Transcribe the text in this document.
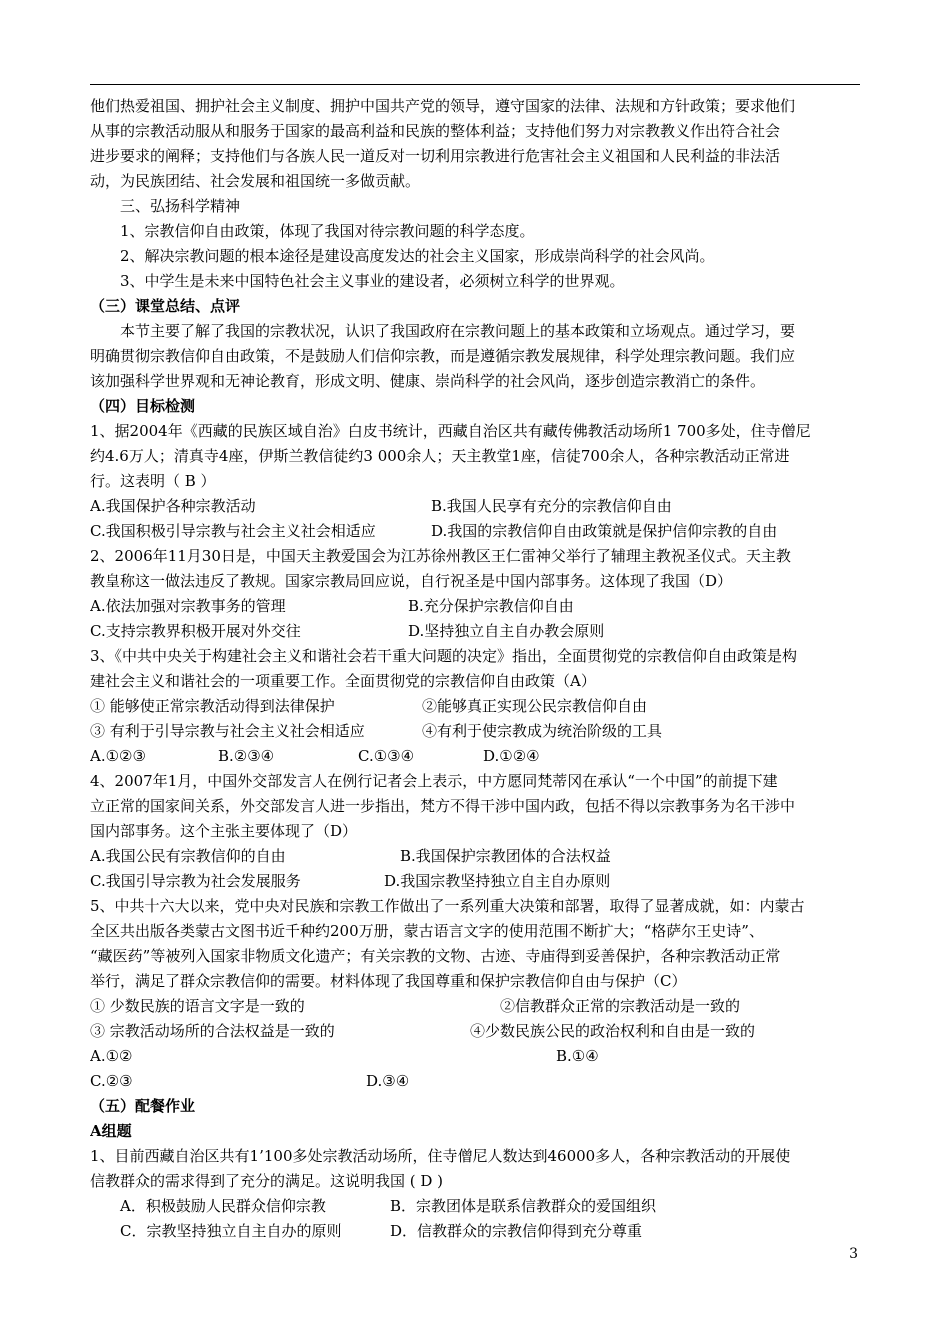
他们热爱祖国、拥护社会主义制度、拥护中国共产党的领导，遵守国家的法律、法规和方针政策；要求他们
从事的宗教活动服从和服务于国家的最高利益和民族的整体利益；支持他们努力对宗教教义作出符合社会
进步要求的阐释；支持他们与各族人民一道反对一切利用宗教进行危害社会主义祖国和人民利益的非法活
动，为民族团结、社会发展和祖国统一多做贡献。
三、弘扬科学精神
1、宗教信仰自由政策，体现了我国对待宗教问题的科学态度。
2、解决宗教问题的根本途径是建设高度发达的社会主义国家，形成崇尚科学的社会风尚。
3、中学生是未来中国特色社会主义事业的建设者，必须树立科学的世界观。
（三）课堂总结、点评
本节主要了解了我国的宗教状况，认识了我国政府在宗教问题上的基本政策和立场观点。通过学习，要
明确贯彻宗教信仰自由政策，不是鼓励人们信仰宗教，而是遵循宗教发展规律，科学处理宗教问题。我们应
该加强科学世界观和无神论教育，形成文明、健康、崇尚科学的社会风尚，逐步创造宗教消亡的条件。
（四）目标检测
1、据2004年《西藏的民族区域自治》白皮书统计，西藏自治区共有藏传佛教活动场所1 700多处，住寺僧尼
约4.6万人；清真寺4座，伊斯兰教信徒约3 000余人；天主教堂1座，信徒700余人，各种宗教活动正常进
行。这表明（ B ）
A.我国保护各种宗教活动	B.我国人民享有充分的宗教信仰自由
C.我国积极引导宗教与社会主义社会相适应	D.我国的宗教信仰自由政策就是保护信仰宗教的自由
2、2006年11月30日是，中国天主教爱国会为江苏徐州教区王仁雷神父举行了辅理主教祝圣仪式。天主教
教皇称这一做法违反了教规。国家宗教局回应说，自行祝圣是中国内部事务。这体现了我国（D）
A.依法加强对宗教事务的管理	B.充分保护宗教信仰自由
C.支持宗教界积极开展对外交往	D.坚持独立自主自办教会原则
3、《中共中央关于构建社会主义和谐社会若干重大问题的决定》指出，全面贯彻党的宗教信仰自由政策是构
建社会主义和谐社会的一项重要工作。全面贯彻党的宗教信仰自由政策（A）
① 能够使正常宗教活动得到法律保护	②能够真正实现公民宗教信仰自由
③ 有利于引导宗教与社会主义社会相适应	④有利于使宗教成为统治阶级的工具
A.①②③	B.②③④	C.①③④	D.①②④
4、2007年1月，中国外交部发言人在例行记者会上表示，中方愿同梵蒂冈在承认“一个中国”的前提下建
立正常的国家间关系，外交部发言人进一步指出，梵方不得干涉中国内政，包括不得以宗教事务为名干涉中
国内部事务。这个主张主要体现了（D）
A.我国公民有宗教信仰的自由	B.我国保护宗教团体的合法权益
C.我国引导宗教为社会发展服务	D.我国宗教坚持独立自主自办原则
5、中共十六大以来，党中央对民族和宗教工作做出了一系列重大决策和部署，取得了显著成就，如：内蒙古
全区共出版各类蒙古文图书近千种约200万册，蒙古语言文字的使用范围不断扩大；“格萨尔王史诗”、
“藏医药”等被列入国家非物质文化遗产；有关宗教的文物、古迹、寺庙得到妥善保护，各种宗教活动正常
举行，满足了群众宗教信仰的需要。材料体现了我国尊重和保护宗教信仰自由与保护（C）
① 少数民族的语言文字是一致的	②信教群众正常的宗教活动是一致的
③ 宗教活动场所的合法权益是一致的	④少数民族公民的政治权利和自由是一致的
A.①②	B.①④
C.②③	D.③④
（五）配餐作业
A组题
1、目前西藏自治区共有1’100多处宗教活动场所，住寺僧尼人数达到46000多人，各种宗教活动的开展使
信教群众的需求得到了充分的满足。这说明我国 ( D )
A．积极鼓励人民群众信仰宗教	B．宗教团体是联系信教群众的爱国组织
C．宗教坚持独立自主自办的原则	D．信教群众的宗教信仰得到充分尊重
3
